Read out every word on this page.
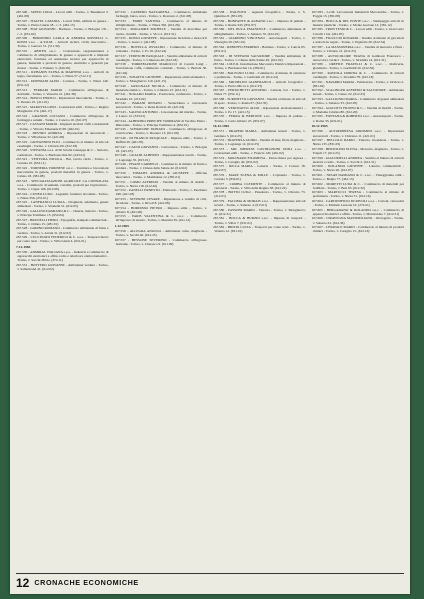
267.500 - SUPPO LUIGI - Lavori edili - Torino, v. Beaumont 3. (461.08)

267.507 - ITALTEL CATANIA - Lavori Edili, edilizia in genere - Torino, v. Pietro Giuria 18 - c. 5. (461.13)

267.508 - FIAT GIOVANNI - Barbiere - Torino, v. Bologna 135 - c. 2. (651.02)

267.509 - BORONINO CARLA & ANDREA ROSSELLI L. ROSSI s.a.s. - A.T.O.M. - Articoli tecnici, civili, meccanica - Torino, v. Genova 31. (511.30)

267.510 - ABITEX s.n.c. - Costruzione, rappresentanza e commercio di abbigliamento in genere e apparecchi e impianti elettronici, fornitura ed assistenza tecnica per apparecchi in genere, materiali e prodotti in genere, elettriche e generali per motori - Torino, v. Palestro 5. (616.05)

267.511 - RUBANIN ELENA & MARTINO s.a.s. - Articoli in legno, ferramenta, ecc. - Torino, v. Nizza 57. (512.11)

267.512 - DONNIANI ALDO - Corriere - Torino, v. Nizza 149. (631.22)

267.513 - FERRARI MARIO - Commercio all'ingrosso di dolciumi - Torino, v. Varsavia 21. (461.38)

267.514 - BOSCO ENRICO - Riparazioni meccaniche - Torino, v. S. Donato 25. (411.01)

267.515 - MAROTTA GINO - Costruzioni edili - Torino, c. Regina Margherita 174. (461.17)

267.516 - GRANDIS LUCIANO - Commercio all'ingrosso di formaggi e salumi - Torino, v. Canova 10. (611.07)

267.517 - CASSANI MARIO - Impianti elettrici civili e industriali - Torino, c. Vittorio Emanuele II 68. (462.01)

267.518 - DESTRO ANDREA - Riparazioni di autoveicoli - Torino, v. Villarbasse 32. (421.06)

267.519 - GIOVANNINI ELIO - Commercio al minuto di articoli casalinghi - Torino, v. Cibrario 66. (612.18)

267.520 - STEFANIA s.a.s. di Di Scialla Giuseppe & C. - Sartoria, confezioni - Torino, v. Bardonecchia 92. (243.01)

267.521 - VENTURA NICOLA - Bar, tavola calda - Torino, v. Cernaia 10. (652.11)

267.522 - TORNERIA TORINESE s.n.c. - Tornitura e lavorazioni meccaniche in genere, prodotti metallici in genere - Torino, v. Caluso 18. (381.08)

267.523 - SPECIALIZZAZIONI AGRICOLE LA CONSOLATA s.a.s. - Commercio di sementi, concimi, prodotti per l'agricoltura - Torino, v. Cigna 106. (612.09)

267.524 - CUNEO LUIGI - Legnami, fornitura tavolame - Torino, v. Nizza 356. (251.01)

267.525 - LANFRANCO LUIGIA - Drogheria, salumeria, generi alimentari - Torino, v. Stradella 51. (612.05)

267.526 - GALLINO DAMIANO & C. - Osteria, trattoria - Torino, v. Principe Tommaso 15. (652.04)

267.527 - BRUNELLI PIERO - Tipografia, stampati commerciali - Torino, v. Ormea 15. (281.01)

267.528 - GODINO ROMANO - Commercio ambulante di frutta e verdura - Torino, v. Artom 31. (612.02)

267.529 - CUCCINATO FEDERICO & C. s.a.s. - Trasporti merci per conto terzi - Torino, v. Villa Giusti 4. (631.01)

7-12-1965

267.530 - ADMIRAL ITALIANA s.p.a. - Industria e commercio di apparecchi elettronici e affini, radio e televisori, elettrodomestici - Torino, v. Sacchi 28 bis. (372.11)

267.531 - BOTTERO GIOVANNI - Ambulante verdura - Torino, v. Salbertrand 41. (612.02)

267.532 - CAPRERO NAZZARENA - Commercio ambulante formaggi, burro, uova - Torino, v. Rovereto 2. (611.08)

267.533 - FIORE SANTINA - Commercio al minuto di abbigliamento - Torino, v. Nizza 302. (612.26)

267.534 - MOGLIORE MICHELE - Vendita di macchine per cucire, ricambi - Torino, v. Vico 2. (612.31)

267.535 - ROSSO GIUSEPPE - Riparazione biciclette e motocicli - Torino, v. Aosta 1. (421.08)

267.536 - BOVELLA OSVALDO - Commercio al minuto di calzature - Torino, v. Po 18. (612.24)

267.537 - TEDESCHI PASQUALE - Vendita ambulante di articoli casalinghi - Torino, v. Cimarosa 46. (612.18)

267.538 - TORREFAZIONE MAROCCO di Cerutti Luigi - Torrefazione caffè, commercio coloniali - Torino, v. Bertola 30. (611.04)

267.539 - TOSATTO GIUSEPPE - Riparazione elettrodomestici - Torino, v. Monginevro 119. (421.15)

267.540 - GRUGNALE NICOLA - Commercio al minuto di materiale elettrico - Torino, v. Cibrario 47. (612.31)

267.541 - NOGARO MARIA - Pasticceria, confetteria - Torino, v. Stradella 10. (213.02)

267.542 - BARANI RENATO - Verniciatura e carrozzeria autoveicoli - Torino, v. Reiss Romoli 40. (421.04)

267.543 - SALINO ANTONIO - Lavorazione del marmo - Torino, v. Lanzo 12. (333.01)

267.544 - ALBERINO PRINCIPE TOMMASO di Vecchio Pietro - Ristorante - Torino, v. Principe Tommaso 4. (652.01)

267.545 - SCHIAVONE DONATO - Commercio all'ingrosso di carni bovine - Torino, v. Dronero 13. (611.09)

267.546 - DI FRANCO PASQUALE - Impresa edile - Torino, v. Ruffini 20. (461.05)

267.547 - CAUDI GIOVANNI - Carrozziere - Torino, v. Bologna 18. (421.05)

267.548 - GUALDI ALBERTO - Rappresentanze tessili - Torino, v. Lagrange 35. (615.01)

267.549 - PISANI CARMELO - Commercio al minuto di frutta e verdura - Torino, v. Chiesa della Salute 42. (612.02)

267.550 - TOMATIS ANDREA & GIUSEPPE - Officina meccanica - Torino, v. Maddalene 12. (381.01)

267.551 - COMO ALFREDO - Vendita al minuto di mobili - Torino, v. Nizza 118. (612.20)

267.552 - ZANELLI ERNESTO - Elettrauto - Torino, c. Peschiera 246. (421.03)

267.553 - SEVERINI CESARE - Riparazione e vendita di cicli, biciclette - Torino, v. Rivoli 8. (421.08)

267.554 - BORDISSO PIETRO - Impresa edile - Torino, v. Alberto 8. (461.06)

267.555 - PARIS VALENTINA & C. s.n.c. - Commercio all'ingrosso di tessuti - Torino, v. Mazzini 39. (611.12)

9-12-1965

267.556 - ALLEGRA ANGELO - Ambulante calze, maglieria - Torino, v. Sacchi 40. (612.25)

267.557 - BESSONE SEVERINO - Commercio all'ingrosso bestiame - Torino, v. Cherasco 9. (611.09)

267.558 - ITALFOTO - Agenzia fotografica - Torino, v. S. Quintino 8. (831.03)

267.559 - BONFANTE & ALBANO s.n.c. - Impresa di pulizie - Torino, v. Roma 343. (831.07)

267.560 - DEL DUCA EMANUELE - Commercio ambulante di abbigliamento - Torino, v. Saluzzo 70. (612.25)

267.561 - GIARDINO VINCENZO - Autotrasporti - Torino, v. Vinzaglio 29. (631.01)

267.562 - REBUFFO FERRERO - Barbiere - Torino, v. Lancia 65. (831.01)

267.563 - DI STEFANO SALVATORE - Vendita ambulante di frutta - Torino, v. Chiesa della Salute 49. (612.02)

267.564 - I.M.E.R. Installazione Meccanica Elettrica Riparazioni - Torino, v. Bardonecchia 14. (382.01)

267.565 - BALEGNO LUIGI - Commercio al minuto di calzature e pelletterie - Torino, v. Garibaldi 22. (612.24)

267.566 - MICHELINI GIANFRANCO - Articoli fotografici - Torino, v. Pietro Micca 4. (612.33)

267.567 - PERSICHETTI ANTONIO - Latteria, bar - Torino, v. Nizza 77. (652.11)

267.568 - TURINETTO GIOVANNI - Vendita al minuto di articoli di sport - Torino, v. Roma 67. (612.35)

267.569 - VEDOVATTO ALDO - Riparazioni elettrodomestici - Torino, v. Po 17. (421.15)

267.570 - FERRA & BERTONE s.n.c. - Impresa di pulizie - Torino, v. Carlo Alberto 25. (831.07)

16-12-1965

267.571 - DRAPERI MARIA - Ambulante tessuti - Torino, v. Gaidano 3. (612.25)

267.572 - TRAVERSA GUIDO - Vendita di lane, filati, maglieria - Torino, v. Lagrange 12. (612.25)

267.573 - MIC IMPRESE COSTRUZIONI EDILI s.a.s. - Costruzioni edili - Torino, c. Francia 120. (461.02)

267.574 - MOLINARO FILOMENA - Parrucchiera per signora - Torino, v. Caraglio 40. (831.02)

267.575 - RICCA MARIA - Latteria - Torino, v. Cerreto 18. (612.07)

267.576 - MARE ELENA & MILLE - Copisteria - Torino, v. Cernaia 3. (834.01)

267.577 - COMBA CLEMENTE - Commercio al minuto di cartoleria - Torino, v. Villa della Regina 38. (612.22)

267.578 - BOTTO LUIGI - Panetteria - Torino, v. Cibrario 73. (212.01)

267.579 - FACOMA & MORAIS s.n.c. - Rappresentanze articoli tecnici - Torino, v. Saluzzo 4. (615.01)

267.580 - PASSONI MARIO - Vetreria - Torino, v. Monginevro 11. (612.31)

267.581 - BOCCA & BURZIO s.n.c. - Imprese di trasporti - Torino, v. Villar 7. (631.01)

267.582 - BRIZIO LUCIA - Trasporti per conto terzi - Torino, v. Venaria 12. (631.01)

267.583 - L.I.M. Lavorazioni Industriali Meccaniche - Torino, v. Foggia 15. (381.08)

267.584 - BOCCA & DEL PONTE s.n.c. - Stampaggio articoli in materie plastiche - Torino, v. Monte Asolone 12. (381.12)

267.585 - TRON TESIO & C. - Lavori edili - Torino, v. Gian Carlo Cavalli 1 bis. (461.05)

267.586 - FIGUCCIO ROSARIO - Vendita al minuto di giocattoli e articoli da regalo - Torino, v. Pigafetta 26. (612.34)

267.587 - LA MASSONERIA s.n.c. - Vendita di merceria e filati - Torino, v. Cibrario 21. (612.25)

267.588 - AUTOCOLORE TRANA di Gamboni Francesco - Autocolori, vernici - Torino, v. Stradella 14. (612.31)

267.589 - OREFICE FRATELLI & C. s.n.c. - Oreficeria, gioielleria - Torino, v. Garibaldi 20. (612.36)

267.590 - RAVIOLA DORINA & C. - Commercio di articoli casalinghi - Torino, v. Stradella 78. (612.18)

267.591 - NAVARRO MARIA - Pettinatrice - Torino, v. Orvieto 2. (831.02)

267.592 - SCALINGER ALFREDO & SALVATORE - Ambulante tessuti - Torino, v. Cuneo 22. (612.25)

267.593 - GALLIGNIO MARIA - Commercio di generi alimentari - Torino, v. Saluzzo 33. (612.05)

267.594 - GIACOTTI FILIPPO & C. - Vendita di mobili - Torino, v. Madama Cristina 80. (612.20)

267.595 - FONTANA & ROBERTO s.n.c. - Autotrasporti - Torino, v. Roma 33. (631.01)

18-12-1965

267.596 - AUTOIMPRESA GIROMINI s.n.c. - Riparazioni autoveicoli - Torino, v. Chivasso 11. (421.01)

267.597 - BELLOLO DARIO - Tintoria, lavanderia - Torino, v. Nizza 135. (831.05)

267.598 - BERTOLINO ELENA - Merceria, maglieria - Torino, v. Tripoli 17. (612.25)

267.599 - GIACOMELLI ANDREA - Vendita al minuto di articoli elettrici e radio - Torino, v. Sacchi 2. (612.31)

267.600 - ROLANDO GIUSEPPE - Latteria, commestibili - Torino, v. Nizza 20. (612.07)

267.601 - NEGRI DAMIANO & C. s.n.c. - Tinteggiature edili - Torino, c. Belgio 77. (461.15)

267.602 - MORETTI LUIGI & C. - Commercio di materiali per l'edilizia - Torino, v. Bari 65. (612.32)

267.603 - MARTUCCI TERESA - Commercio al minuto di profumeria - Torino, v. Nizza 51. (612.16)

267.604 - CARTONIFICIO DI RIVOLI s.a.s. - Cartoni, cartoncini - Torino, v. Michele Lessona 10. (272.01)

267.605 - BERGADANO & ROLANDO s.n.c. - Commercio di apparecchi elettrici e affini - Torino, v. Montevideo 7. (612.31)

267.606 - CIRAVEGNA MASSIMILIANO - Orologeria - Torino, v. Saluzzo 61. (612.36)

267.607 - CHIAVALE MARIO - Commercio al minuto di prodotti chimici - Torino, v. Caraglio 15. (612.16)

12 CRONACHE ECONOMICHE
